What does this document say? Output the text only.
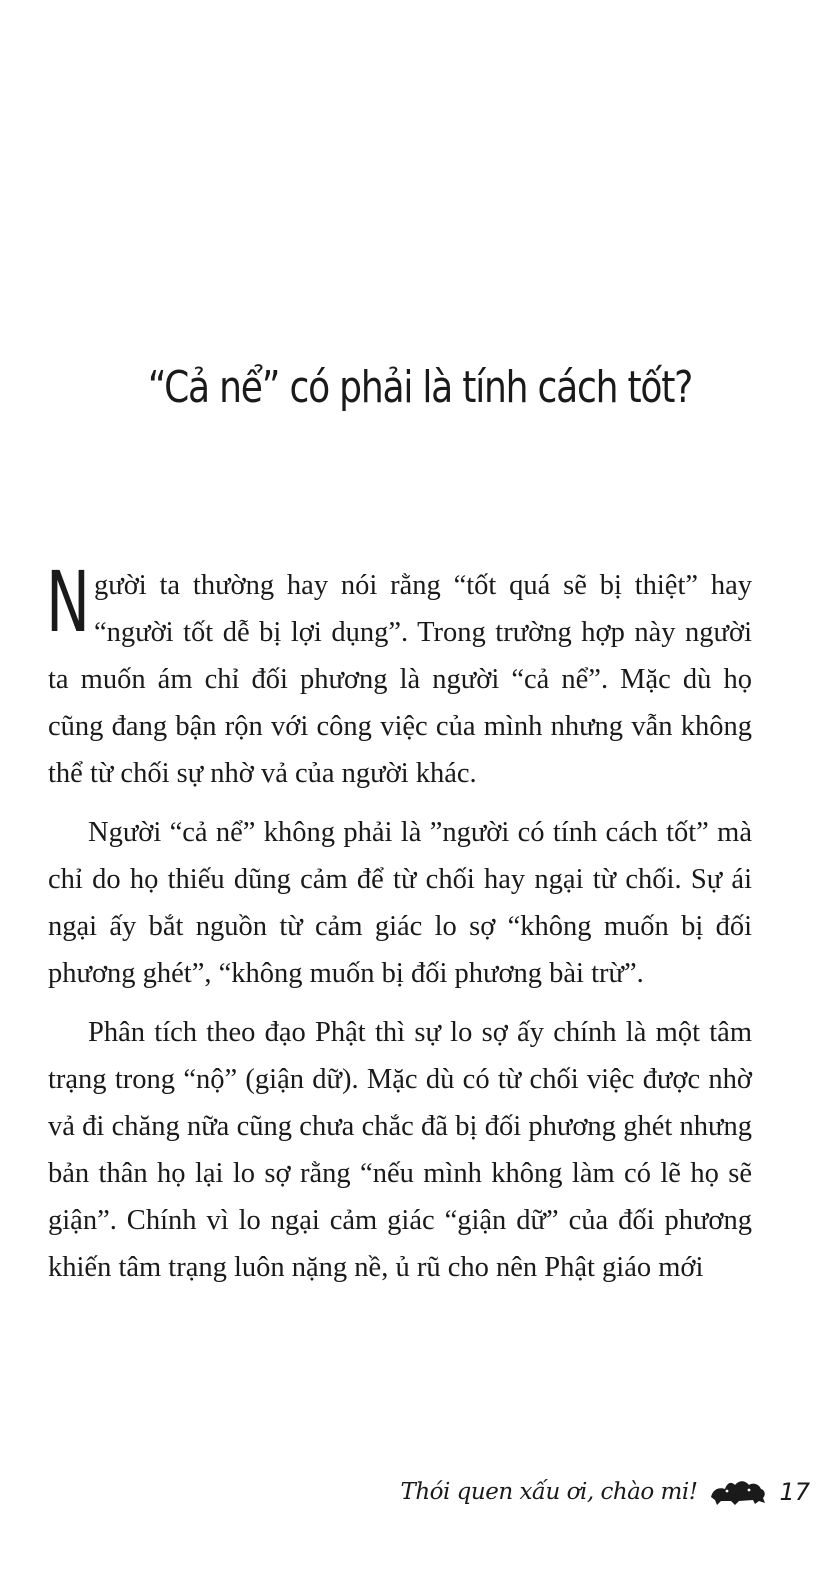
“Cả nể” có phải là tính cách tốt?

Người ta thường hay nói rằng “tốt quá sẽ bị thiệt” hay “người tốt dễ bị lợi dụng”. Trong trường hợp này người ta muốn ám chỉ đối phương là người “cả nể”. Mặc dù họ cũng đang bận rộn với công việc của mình nhưng vẫn không thể từ chối sự nhờ vả của người khác.

Người “cả nể” không phải là ”người có tính cách tốt” mà chỉ do họ thiếu dũng cảm để từ chối hay ngại từ chối. Sự ái ngại ấy bắt nguồn từ cảm giác lo sợ “không muốn bị đối phương ghét”, “không muốn bị đối phương bài trừ”.

Phân tích theo đạo Phật thì sự lo sợ ấy chính là một tâm trạng trong “nộ” (giận dữ). Mặc dù có từ chối việc được nhờ vả đi chăng nữa cũng chưa chắc đã bị đối phương ghét nhưng bản thân họ lại lo sợ rằng “nếu mình không làm có lẽ họ sẽ giận”. Chính vì lo ngại cảm giác “giận dữ” của đối phương khiến tâm trạng luôn nặng nề, ủ rũ cho nên Phật giáo mới

Thói quen xấu ơi, chào mi!	17
